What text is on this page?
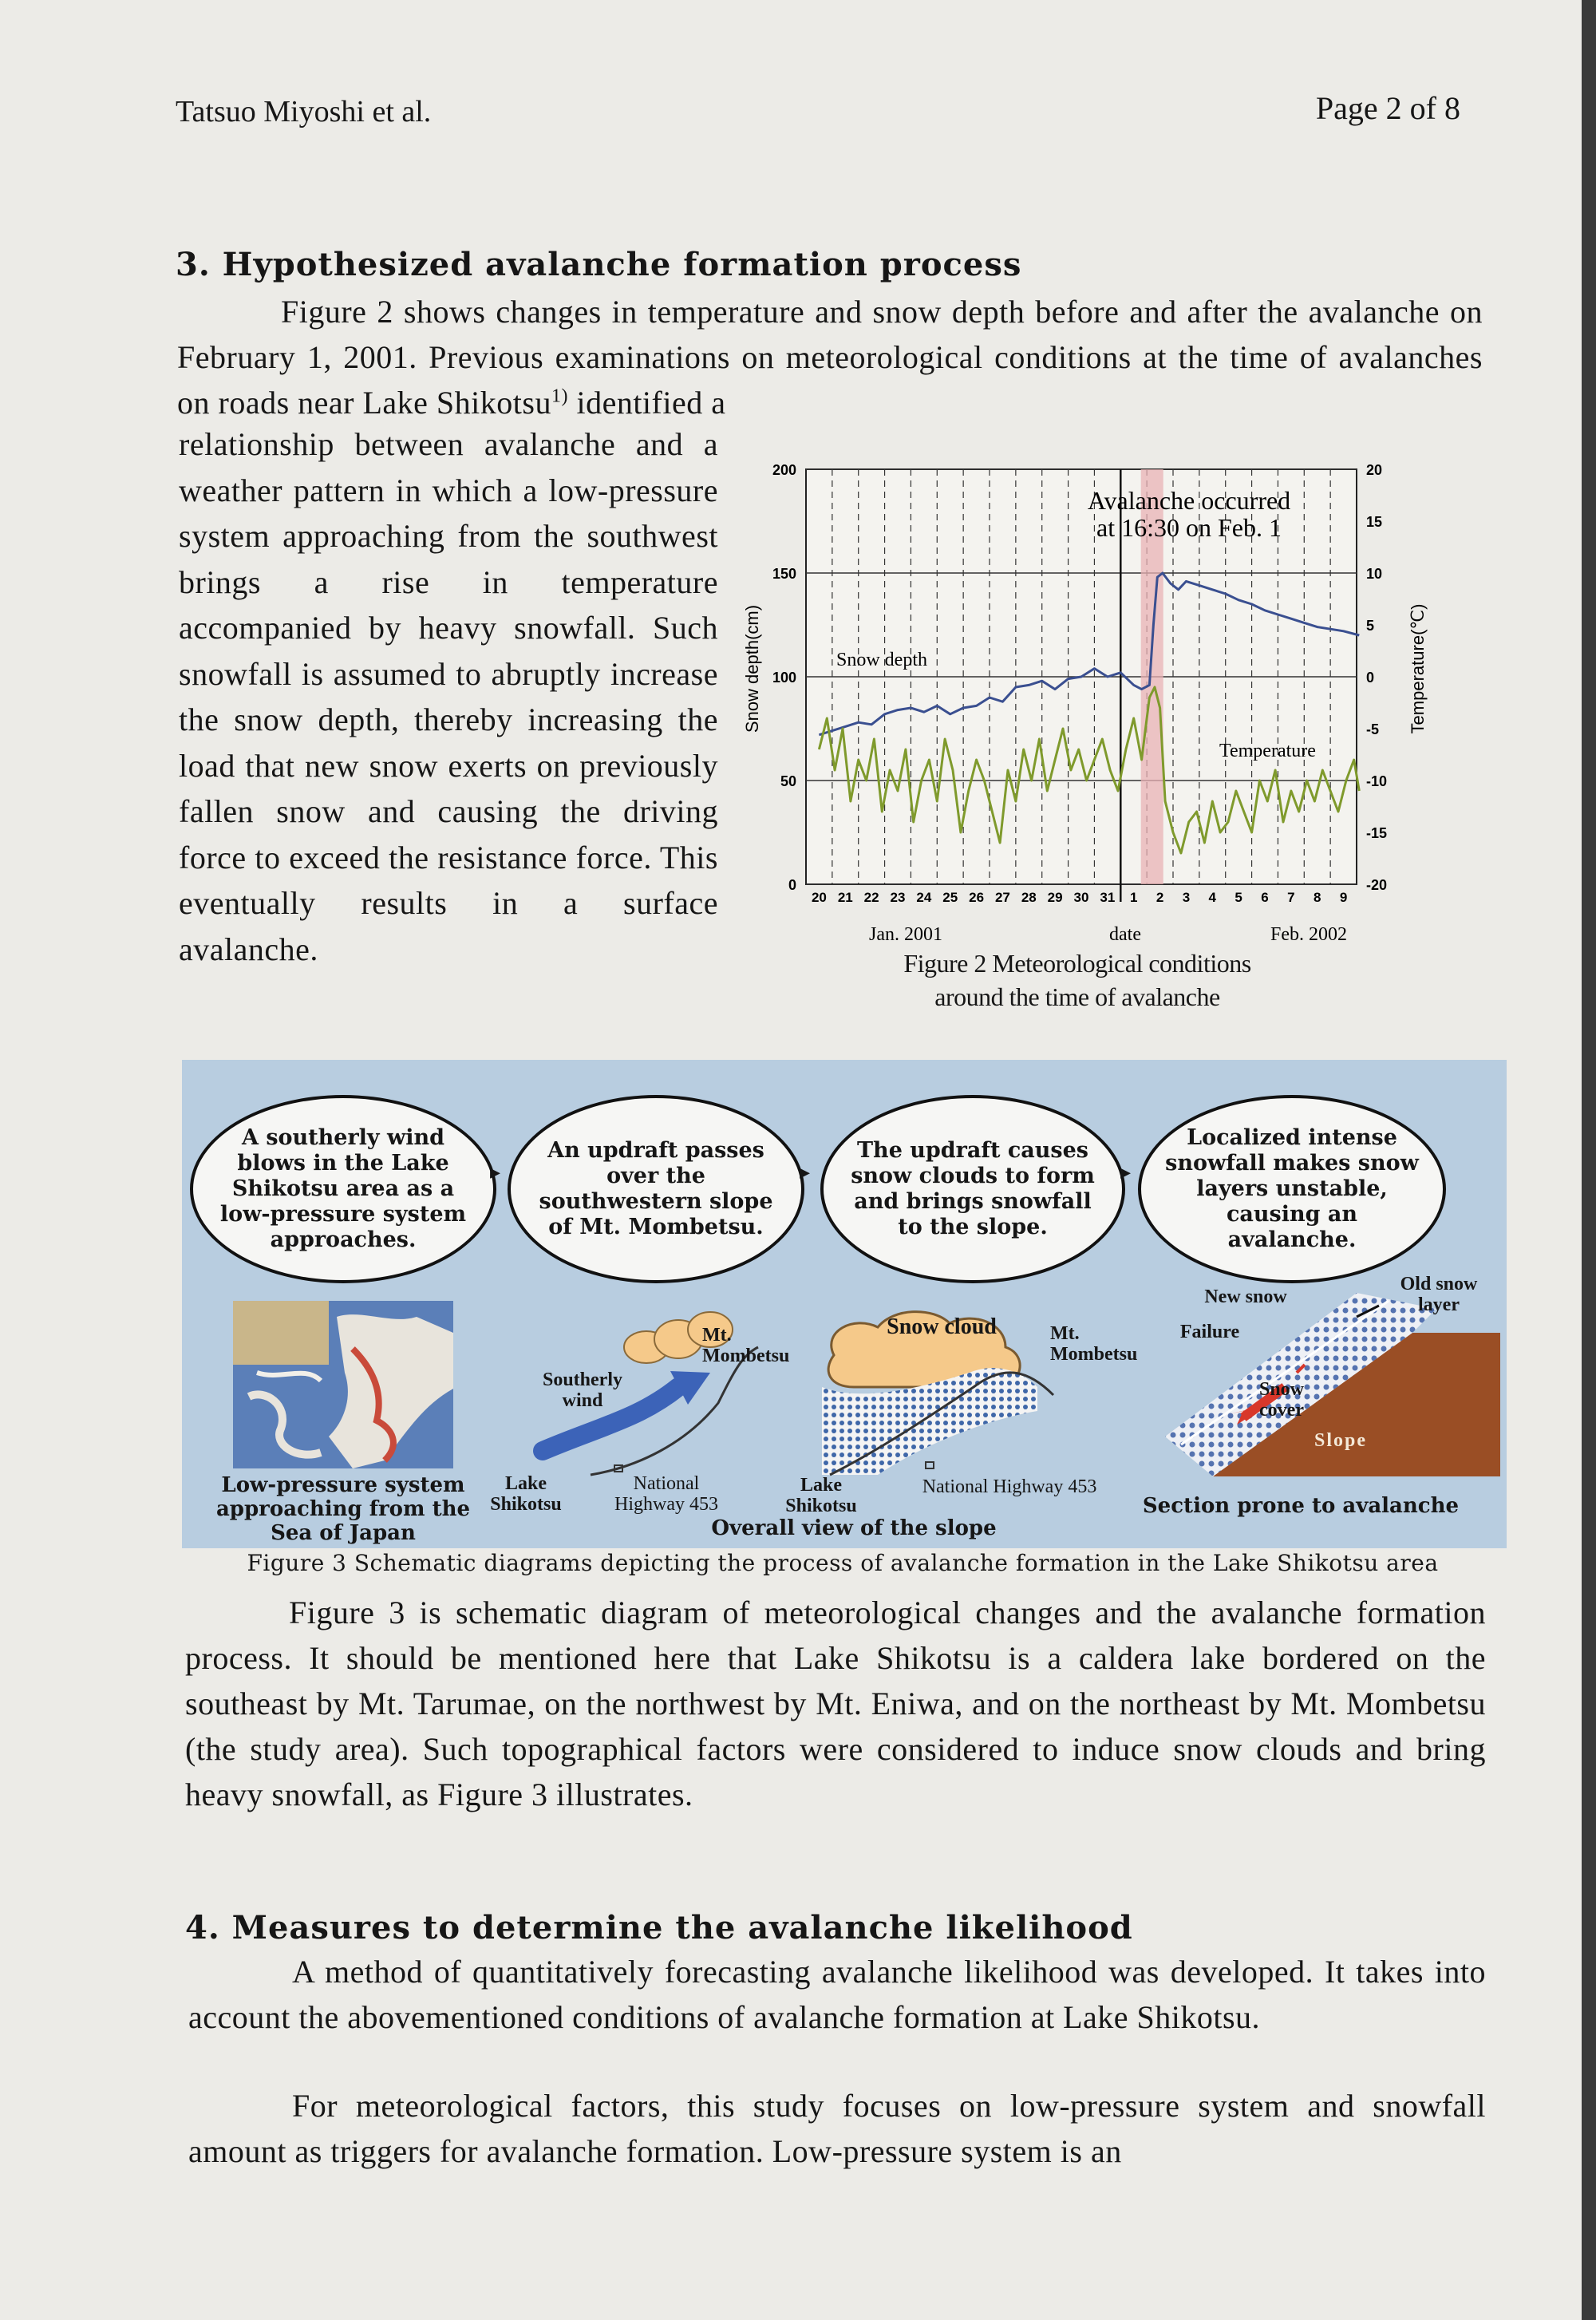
Tatsuo Miyoshi et al.	Page 2 of 8
3. Hypothesized avalanche formation process
Figure 2 shows changes in temperature and snow depth before and after the avalanche on February 1, 2001. Previous examinations on meteorological conditions at the time of avalanches on roads near Lake Shikotsu$^{1)}$ identified a
relationship between avalanche and a weather pattern in which a low-pressure system approaching from the southwest brings a rise in temperature accompanied by heavy snowfall. Such snowfall is assumed to abruptly increase the snow depth, thereby increasing the load that new snow exerts on previously fallen snow and causing the driving force to exceed the resistance force. This eventually results in a surface avalanche.
0
50
100
150
200
-20
-15
-10
-5
0
5
10
15
20
20 21 22 23 24 25 26 27 28 29 30 31 1 2 3 4 5 6 7 8 9
Snow depth(cm)	Temperature(℃)
Avalanche occurred
at 16:30 on Feb. 1
Snow depth
Temperature
Jan. 2001	date	Feb. 2002
Figure 2 Meteorological conditions
around the time of avalanche
A southerly wind blows in the Lake Shikotsu area as a low-pressure system approaches.
▸
An updraft passes over the southwestern slope of Mt. Mombetsu.
▸
The updraft causes snow clouds to form and brings snowfall to the slope.
▸
Localized intense snowfall makes snow layers unstable, causing an avalanche.
Low-pressure system approaching from the Sea of Japan
Mt. Mombetsu
Southerly wind
Snow cloud	Mt. Mombetsu
Lake Shikotsu
National Highway 453
Lake Shikotsu
National Highway 453
Overall view of the slope
New snow
Old snow layer
Failure
Snow cover
Slope
Section prone to avalanche
Figure 3 Schematic diagrams depicting the process of avalanche formation in the Lake Shikotsu area
Figure 3 is schematic diagram of meteorological changes and the avalanche formation process. It should be mentioned here that Lake Shikotsu is a caldera lake bordered on the southeast by Mt. Tarumae, on the northwest by Mt. Eniwa, and on the northeast by Mt. Mombetsu (the study area). Such topographical factors were considered to induce snow clouds and bring heavy snowfall, as Figure 3 illustrates.
4. Measures to determine the avalanche likelihood
A method of quantitatively forecasting avalanche likelihood was developed. It takes into account the abovementioned conditions of avalanche formation at Lake Shikotsu.
For meteorological factors, this study focuses on low-pressure system and snowfall amount as triggers for avalanche formation. Low-pressure system is an
